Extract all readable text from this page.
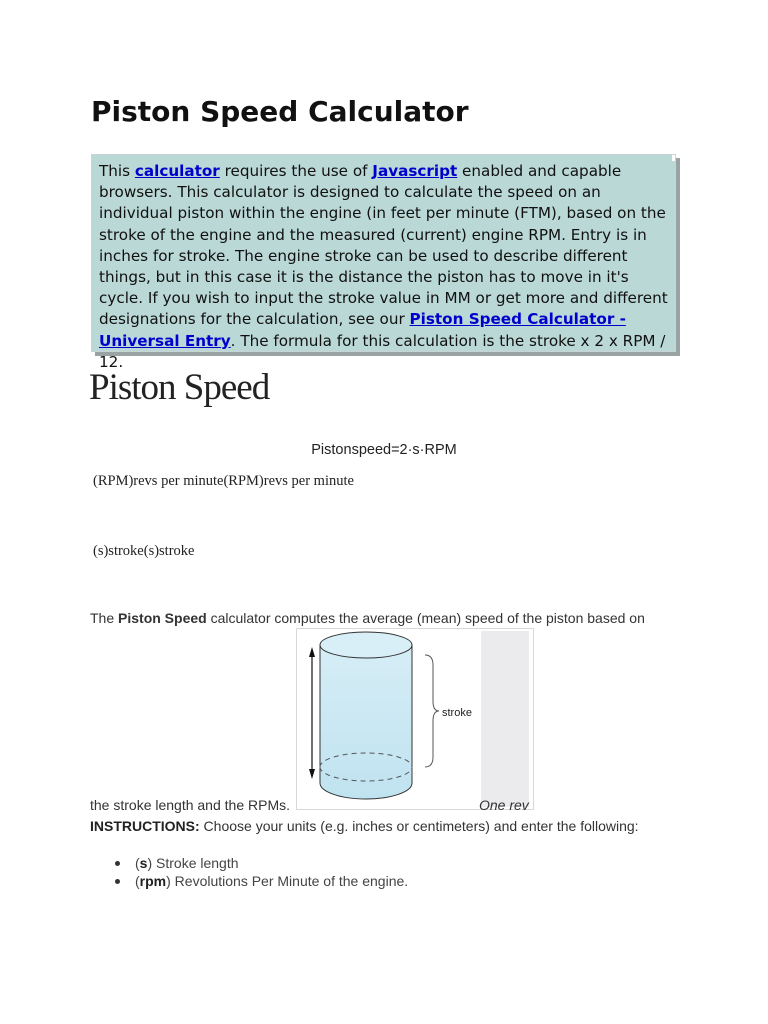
Piston Speed Calculator
This calculator requires the use of Javascript enabled and capable browsers. This calculator is designed to calculate the speed on an individual piston within the engine (in feet per minute (FTM), based on the stroke of the engine and the measured (current) engine RPM. Entry is in inches for stroke. The engine stroke can be used to describe different things, but in this case it is the distance the piston has to move in it's cycle. If you wish to input the stroke value in MM or get more and different designations for the calculation, see our Piston Speed Calculator - Universal Entry. The formula for this calculation is the stroke x 2 x RPM / 12.
Piston Speed
Pistonspeed=2·s·RPM

(RPM)revs per minute(RPM)revs per minute

(s)stroke(s)stroke

The Piston Speed calculator computes the average (mean) speed of the piston based on

stroke

the stroke length and the RPMs.	One rev

INSTRUCTIONS: Choose your units (e.g. inches or centimeters) and enter the following:

(s) Stroke length
(rpm) Revolutions Per Minute of the engine.
